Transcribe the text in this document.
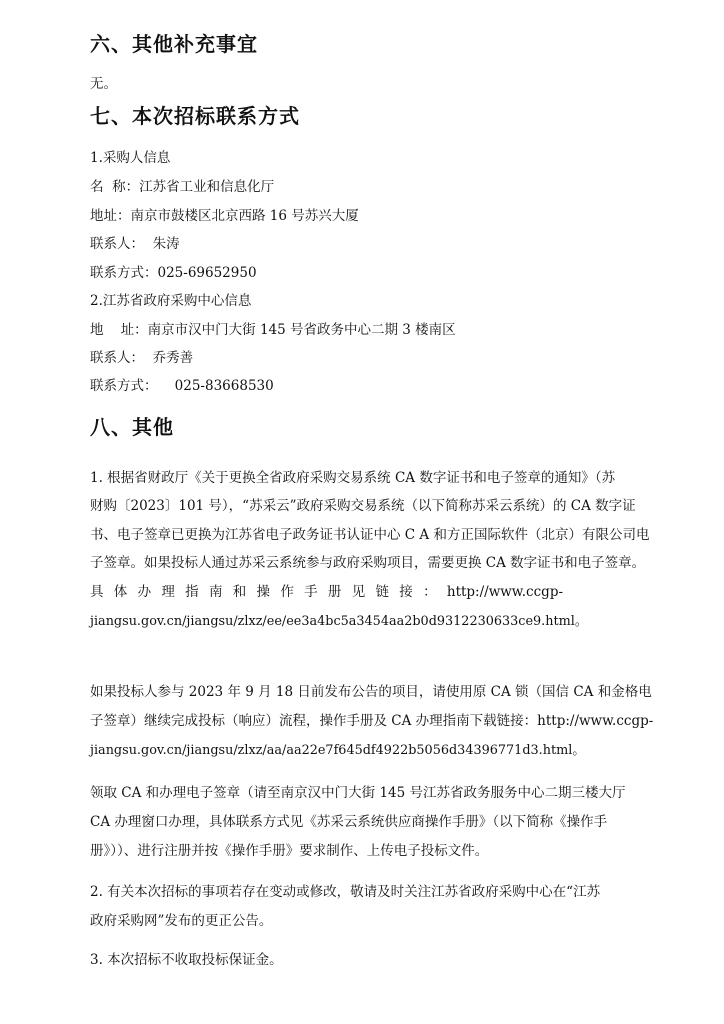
六、其他补充事宜
无。
七、本次招标联系方式
1.采购人信息
名  称：江苏省工业和信息化厅
地址：南京市鼓楼区北京西路 16 号苏兴大厦
联系人：  朱涛
联系方式：025-69652950
2.江苏省政府采购中心信息
地    址：南京市汉中门大街 145 号省政务中心二期 3 楼南区
联系人：  乔秀善
联系方式：    025-83668530
八、其他
1. 根据省财政厅《关于更换全省政府采购交易系统 CA 数字证书和电子签章的通知》（苏
财购〔2023〕101 号），“苏采云”政府采购交易系统（以下简称苏采云系统）的 CA 数字证
书、电子签章已更换为江苏省电子政务证书认证中心 C A 和方正国际软件（北京）有限公司电
子签章。如果投标人通过苏采云系统参与政府采购项目，需要更换 CA 数字证书和电子签章。
具 体 办 理 指 南 和 操 作 手 册 见 链 接 ： http://www.ccgp-
jiangsu.gov.cn/jiangsu/zlxz/ee/ee3a4bc5a3454aa2b0d9312230633ce9.html。
如果投标人参与 2023 年 9 月 18 日前发布公告的项目，请使用原 CA 锁（国信 CA 和金格电
子签章）继续完成投标（响应）流程，操作手册及 CA 办理指南下载链接：http://www.ccgp-
jiangsu.gov.cn/jiangsu/zlxz/aa/aa22e7f645df4922b5056d34396771d3.html。
领取 CA 和办理电子签章（请至南京汉中门大街 145 号江苏省政务服务中心二期三楼大厅
CA 办理窗口办理，具体联系方式见《苏采云系统供应商操作手册》（以下简称《操作手
册》））、进行注册并按《操作手册》要求制作、上传电子投标文件。
2. 有关本次招标的事项若存在变动或修改，敬请及时关注江苏省政府采购中心在“江苏
政府采购网”发布的更正公告。
3. 本次招标不收取投标保证金。
